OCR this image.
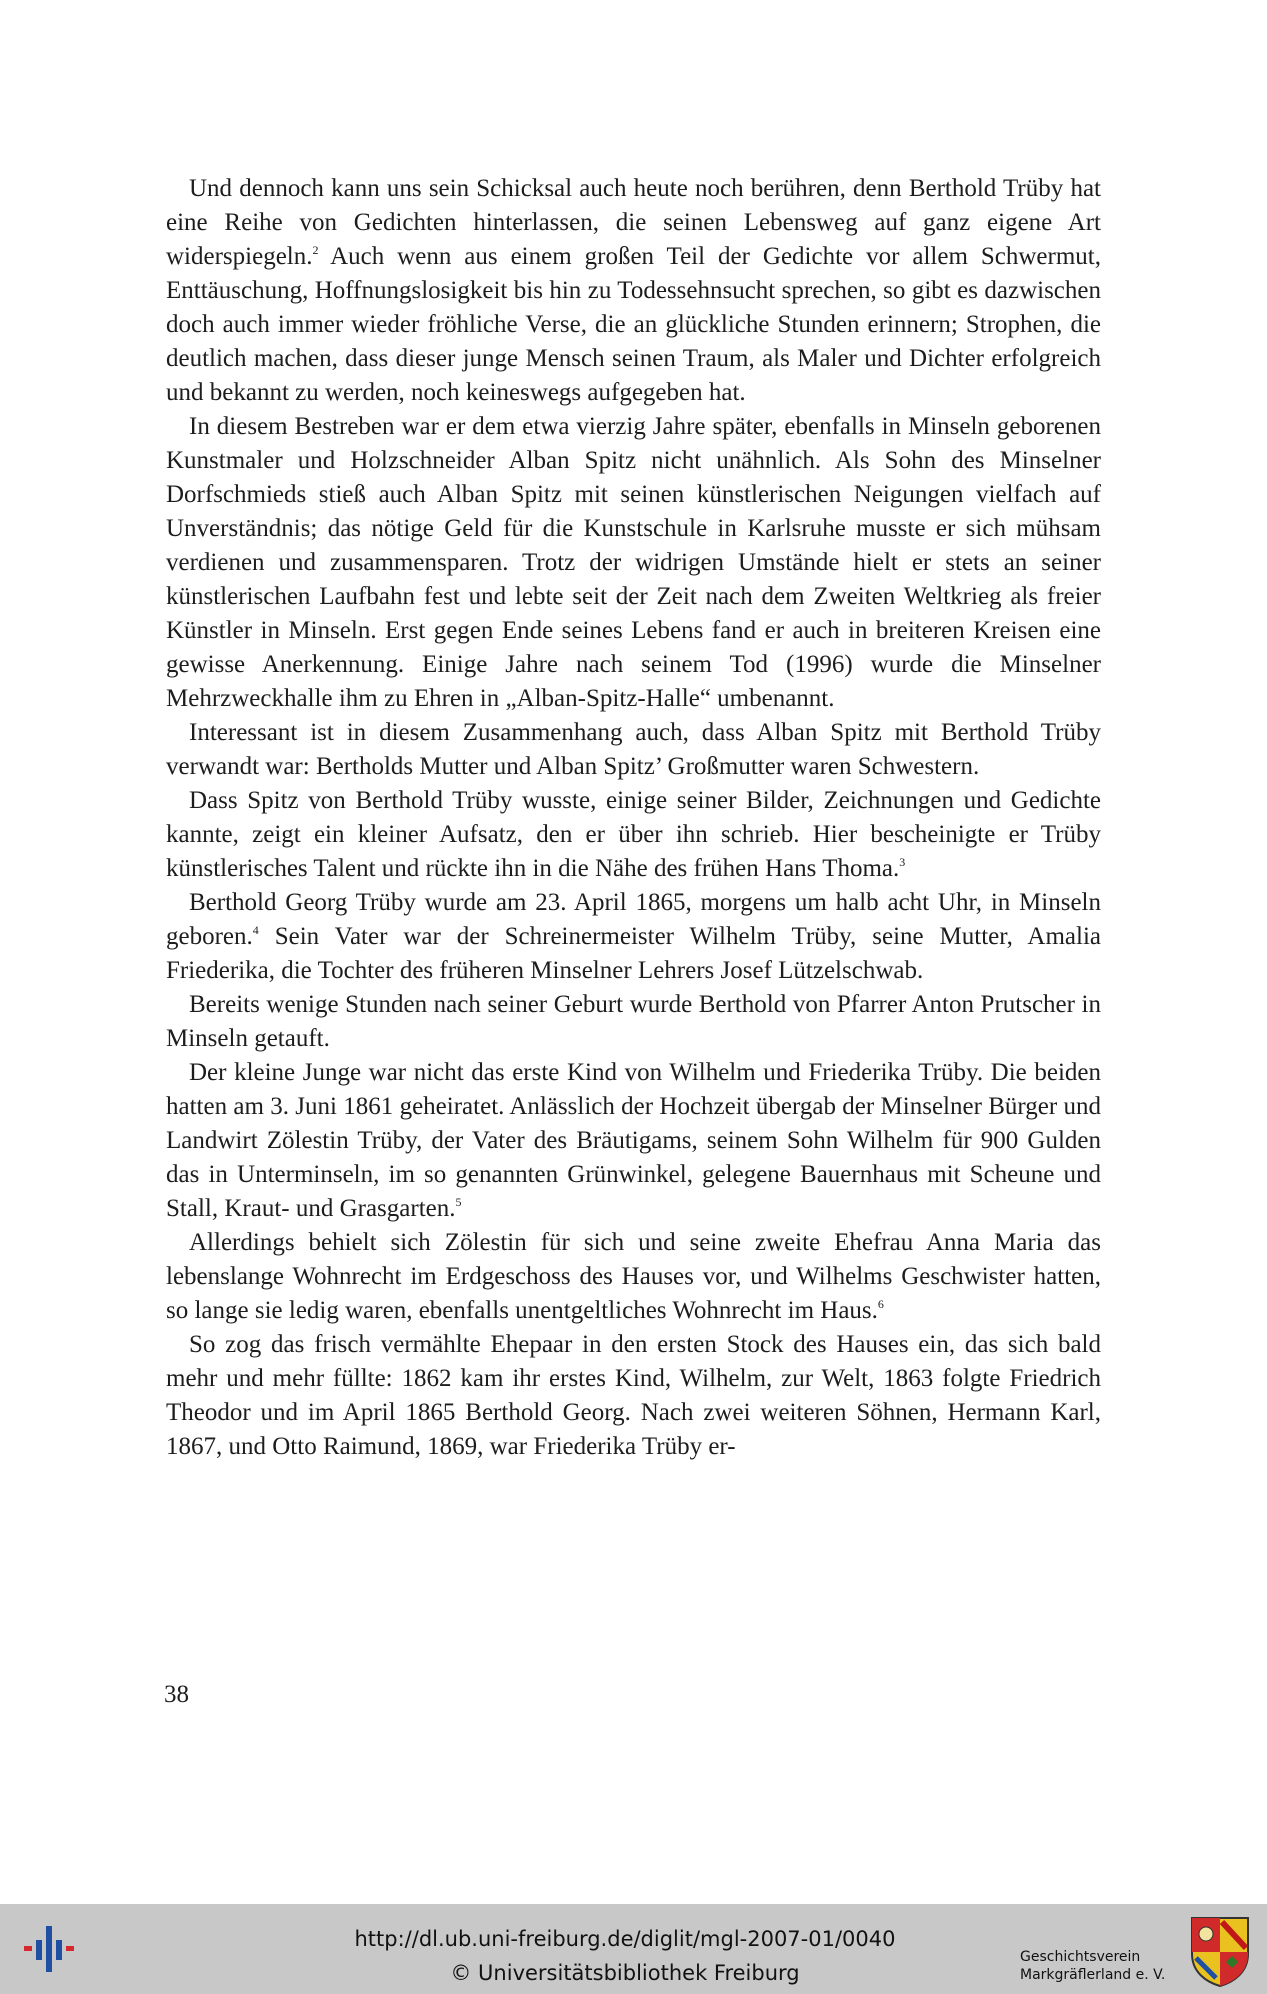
Und dennoch kann uns sein Schicksal auch heute noch berühren, denn Berthold Trüby hat eine Reihe von Gedichten hinterlassen, die seinen Lebensweg auf ganz eigene Art widerspiegeln.$^2$ Auch wenn aus einem großen Teil der Gedichte vor allem Schwermut, Enttäuschung, Hoffnungslosigkeit bis hin zu Todessehnsucht sprechen, so gibt es dazwischen doch auch immer wieder fröhliche Verse, die an glückliche Stunden erinnern; Strophen, die deutlich machen, dass dieser junge Mensch seinen Traum, als Maler und Dichter erfolgreich und bekannt zu werden, noch keineswegs aufgegeben hat.

In diesem Bestreben war er dem etwa vierzig Jahre später, ebenfalls in Minseln geborenen Kunstmaler und Holzschneider Alban Spitz nicht unähnlich. Als Sohn des Minselner Dorfschmieds stieß auch Alban Spitz mit seinen künstlerischen Neigungen vielfach auf Unverständnis; das nötige Geld für die Kunstschule in Karlsruhe musste er sich mühsam verdienen und zusammensparen. Trotz der widrigen Umstände hielt er stets an seiner künstlerischen Laufbahn fest und lebte seit der Zeit nach dem Zweiten Weltkrieg als freier Künstler in Minseln. Erst gegen Ende seines Lebens fand er auch in breiteren Kreisen eine gewisse Anerkennung. Einige Jahre nach seinem Tod (1996) wurde die Minselner Mehrzweckhalle ihm zu Ehren in „Alban-Spitz-Halle“ umbenannt.

Interessant ist in diesem Zusammenhang auch, dass Alban Spitz mit Berthold Trüby verwandt war: Bertholds Mutter und Alban Spitz’ Großmutter waren Schwestern.

Dass Spitz von Berthold Trüby wusste, einige seiner Bilder, Zeichnungen und Gedichte kannte, zeigt ein kleiner Aufsatz, den er über ihn schrieb. Hier bescheinigte er Trüby künstlerisches Talent und rückte ihn in die Nähe des frühen Hans Thoma.$^3$

Berthold Georg Trüby wurde am 23. April 1865, morgens um halb acht Uhr, in Minseln geboren.$^4$ Sein Vater war der Schreinermeister Wilhelm Trüby, seine Mutter, Amalia Friederika, die Tochter des früheren Minselner Lehrers Josef Lützelschwab.

Bereits wenige Stunden nach seiner Geburt wurde Berthold von Pfarrer Anton Prutscher in Minseln getauft.

Der kleine Junge war nicht das erste Kind von Wilhelm und Friederika Trüby. Die beiden hatten am 3. Juni 1861 geheiratet. Anlässlich der Hochzeit übergab der Minselner Bürger und Landwirt Zölestin Trüby, der Vater des Bräutigams, seinem Sohn Wilhelm für 900 Gulden das in Unterminseln, im so genannten Grünwinkel, gelegene Bauernhaus mit Scheune und Stall, Kraut- und Grasgarten.$^5$

Allerdings behielt sich Zölestin für sich und seine zweite Ehefrau Anna Maria das lebenslange Wohnrecht im Erdgeschoss des Hauses vor, und Wilhelms Geschwister hatten, so lange sie ledig waren, ebenfalls unentgeltliches Wohnrecht im Haus.$^6$

So zog das frisch vermählte Ehepaar in den ersten Stock des Hauses ein, das sich bald mehr und mehr füllte: 1862 kam ihr erstes Kind, Wilhelm, zur Welt, 1863 folgte Friedrich Theodor und im April 1865 Berthold Georg. Nach zwei weiteren Söhnen, Hermann Karl, 1867, und Otto Raimund, 1869, war Friederika Trüby er-

38
http://dl.ub.uni-freiburg.de/diglit/mgl-2007-01/0040
© Universitätsbibliothek Freiburg
Geschichtsverein
Markgräflerland e. V.
